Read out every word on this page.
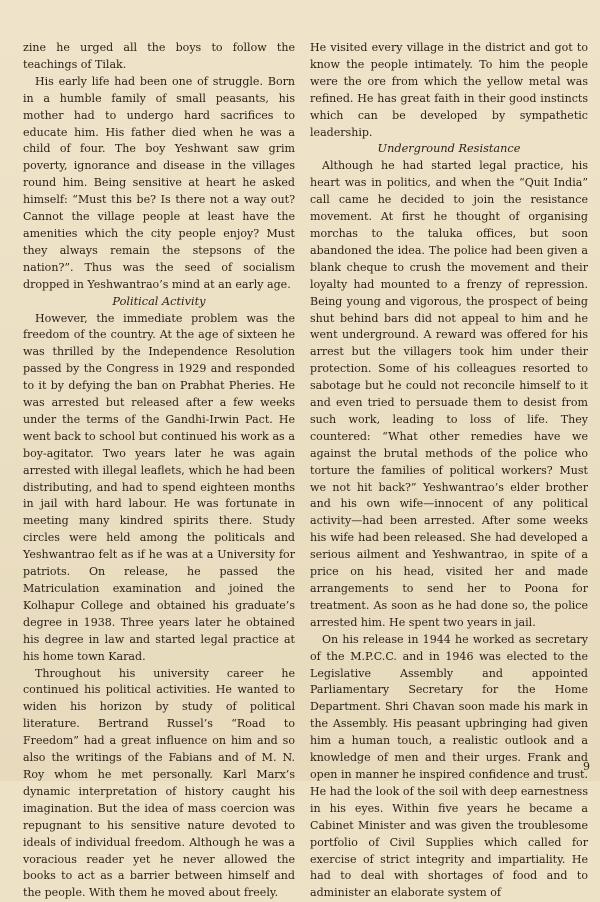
zine he urged all the boys to follow the teachings of Tilak.

His early life had been one of struggle. Born in a humble family of small peasants, his mother had to undergo hard sacrifices to educate him. His father died when he was a child of four. The boy Yeshwant saw grim poverty, ignorance and disease in the villages round him. Being sensitive at heart he asked himself: “Must this be? Is there not a way out? Cannot the village people at least have the amenities which the city people enjoy? Must they always remain the stepsons of the nation?”. Thus was the seed of socialism dropped in Yeshwantrao’s mind at an early age.

Political Activity

However, the immediate problem was the freedom of the country. At the age of sixteen he was thrilled by the Independence Resolution passed by the Congress in 1929 and responded to it by defying the ban on Prabhat Pheries. He was arrested but released after a few weeks under the terms of the Gandhi-Irwin Pact. He went back to school but continued his work as a boy-agitator. Two years later he was again arrested with illegal leaflets, which he had been distributing, and had to spend eighteen months in jail with hard labour. He was fortunate in meeting many kindred spirits there. Study circles were held among the politicals and Yeshwantrao felt as if he was at a University for patriots. On release, he passed the Matriculation examination and joined the Kolhapur College and obtained his graduate’s degree in 1938. Three years later he obtained his degree in law and started legal practice at his home town Karad.

Throughout his university career he continued his political activities. He wanted to widen his horizon by study of political literature. Bertrand Russel’s “Road to Freedom” had a great influence on him and so also the writings of the Fabians and of M. N. Roy whom he met personally. Karl Marx’s dynamic interpretation of history caught his imagination. But the idea of mass coercion was repugnant to his sensitive nature devoted to ideals of individual freedom. Although he was a voracious reader yet he never allowed the books to act as a barrier between himself and the people. With them he moved about freely.

He visited every village in the district and got to know the people intimately. To him the people were the ore from which the yellow metal was refined. He has great faith in their good instincts which can be developed by sympathetic leadership.

Underground Resistance

Although he had started legal practice, his heart was in politics, and when the “Quit India” call came he decided to join the resistance movement. At first he thought of organising morchas to the taluka offices, but soon abandoned the idea. The police had been given a blank cheque to crush the movement and their loyalty had mounted to a frenzy of repression. Being young and vigorous, the prospect of being shut behind bars did not appeal to him and he went underground. A reward was offered for his arrest but the villagers took him under their protection. Some of his colleagues resorted to sabotage but he could not reconcile himself to it and even tried to persuade them to desist from such work, leading to loss of life. They countered: “What other remedies have we against the brutal methods of the police who torture the families of political workers? Must we not hit back?” Yeshwantrao’s elder brother and his own wife—innocent of any political activity—had been arrested. After some weeks his wife had been released. She had developed a serious ailment and Yeshwantrao, in spite of a price on his head, visited her and made arrangements to send her to Poona for treatment. As soon as he had done so, the police arrested him. He spent two years in jail.

On his release in 1944 he worked as secretary of the M.P.C.C. and in 1946 was elected to the Legislative Assembly and appointed Parliamentary Secretary for the Home Department. Shri Chavan soon made his mark in the Assembly. His peasant upbringing had given him a human touch, a realistic outlook and a knowledge of men and their urges. Frank and open in manner he inspired confidence and trust. He had the look of the soil with deep earnestness in his eyes. Within five years he became a Cabinet Minister and was given the troublesome portfolio of Civil Supplies which called for exercise of strict integrity and impartiality. He had to deal with shortages of food and to administer an elaborate system of

9
